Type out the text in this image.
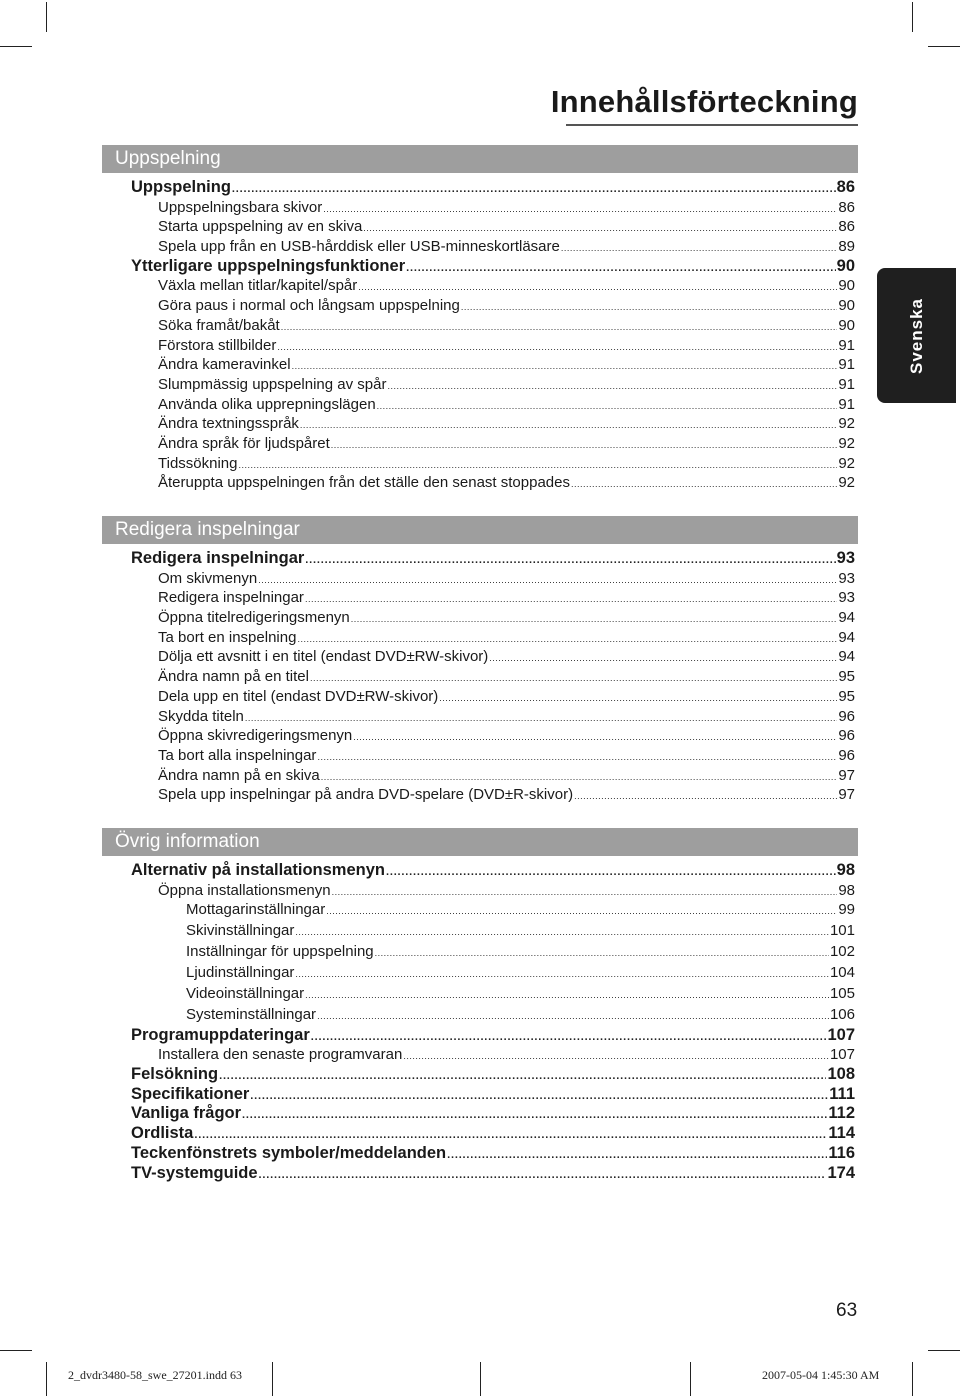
Innehållsförteckning
Svenska
Uppspelning
Uppspelning .....	86
Uppspelningsbara skivor .....	86
Starta uppspelning av en skiva .....	86
Spela upp från en USB-hårddisk eller USB-minneskortläsare .....	89
Ytterligare uppspelningsfunktioner .....	90
Växla mellan titlar/kapitel/spår .....	90
Göra paus i normal och långsam uppspelning .....	90
Söka framåt/bakåt .....	90
Förstora stillbilder .....	91
Ändra kameravinkel .....	91
Slumpmässig uppspelning av spår .....	91
Använda olika upprepningslägen .....	91
Ändra textningsspråk .....	92
Ändra språk för ljudspåret .....	92
Tidssökning .....	92
Återuppta uppspelningen från det ställe den senast stoppades .....	92
Redigera inspelningar
Redigera inspelningar .....	93
Om skivmenyn .....	93
Redigera inspelningar .....	93
Öppna titelredigeringsmenyn .....	94
Ta bort en inspelning .....	94
Dölja ett avsnitt i en titel (endast DVD±RW-skivor) .....	94
Ändra namn på en titel .....	95
Dela upp en titel (endast DVD±RW-skivor) .....	95
Skydda titeln .....	96
Öppna skivredigeringsmenyn .....	96
Ta bort alla inspelningar .....	96
Ändra namn på en skiva .....	97
Spela upp inspelningar på andra DVD-spelare (DVD±R-skivor) .....	97
Övrig information
Alternativ på installationsmenyn .....	98
Öppna installationsmenyn .....	98
Mottagarinställningar .....	99
Skivinställningar .....	101
Inställningar för uppspelning .....	102
Ljudinställningar .....	104
Videoinställningar .....	105
Systeminställningar .....	106
Programuppdateringar .....	107
Installera den senaste programvaran .....	107
Felsökning .....	108
Specifikationer .....	111
Vanliga frågor .....	112
Ordlista .....	114
Teckenfönstrets symboler/meddelanden .....	116
TV-systemguide .....	174
63
2_dvdr3480-58_swe_27201.indd 63	2007-05-04 1:45:30 AM
